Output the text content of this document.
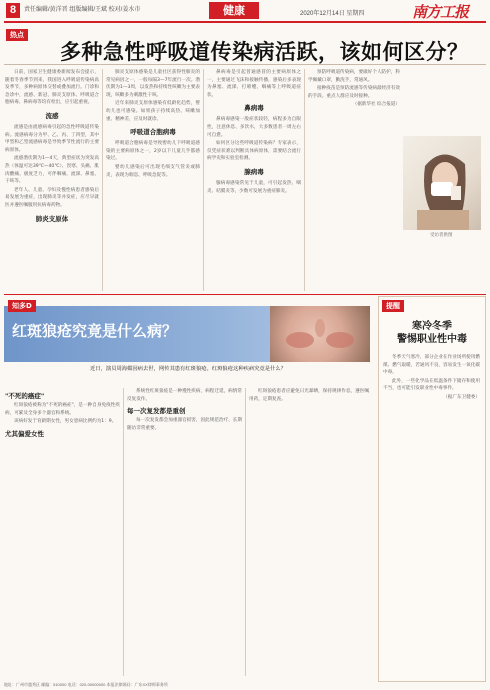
8	责任编辑/黄洋晋 组版编辑/王斌 校对/姜水市	健康	2020年12月14日 星期四	南方工报
热点
多种急性呼吸道传染病活跃，该如何区分？

日前，国家卫生健康委新闻发布会提示，随着冬春季节到来，我国进入呼吸道传染病高发季节，多种病原体交替或叠加流行。门诊和急诊中，流感、新冠、肺炎支原体、呼吸道合胞病毒、鼻病毒等均有检出，应引起重视。

流感

流感是由流感病毒引起的急性呼吸道传染病。流感病毒分为甲、乙、丙、丁四型，其中甲型和乙型流感病毒是导致季节性流行的主要病原体。

流感潜伏期为1—4天，典型症状为突发高热（体温可达39℃—40℃）、畏寒、头痛、肌肉酸痛、极度乏力，可伴咽痛、流涕、鼻塞、干咳等。

老年人、儿童、孕妇及慢性病患者感染后易发展为重症，出现肺炎等并发症，应尽早就医并遵医嘱服用抗病毒药物。

肺炎支原体

肺炎支原体感染是儿童社区获得性肺炎的常见病因之一，一般每隔3—7年流行一次。潜伏期为1—3周，以发热和持续性咳嗽为主要表现，咳嗽多为刺激性干咳。

近年来肺炎支原体感染有低龄化趋势，婴幼儿也可感染。如果孩子持续高热、咳嗽加重、精神差，应及时就诊。

呼吸道合胞病毒

呼吸道合胞病毒是导致婴幼儿下呼吸道感染的主要病原体之一，2岁以下儿童几乎都感染过。

婴幼儿感染后可出现毛细支气管炎或肺炎，表现为喘息、呼吸急促等。

鼻病毒是引起普通感冒的主要病原体之一，主要通过飞沫和接触传播，感染后多表现为鼻塞、流涕、打喷嚏、咽痛等上呼吸道症状。

鼻病毒

鼻病毒感染一般症状较轻，病程多为自限性，注意休息、多饮水，大多数患者一周左右可自愈。

如何区分这些呼吸道传染病？专家表示，仅凭症状难以判断具体病原体，需要结合流行病学史和实验室检测。

腺病毒

腺病毒感染常见于儿童，可引起发热、咽炎、结膜炎等，少数可发展为重症肺炎。

预防呼吸道传染病，要做好个人防护，科学佩戴口罩，勤洗手，常通风。

接种疫苗是预防流感等传染病最经济有效的手段。重点人群应及时接种。

（据新华社 综合报道）

受访者供图
知多D
红斑狼疮究竟是什么病？
近日，演员周海媚因病去世，网传其患有红斑狼疮。红斑狼疮这种疾病究竟是什么？
"不死的癌症"

红斑狼疮被称为"不死的癌症"，是一种自身免疫性疾病，可累及全身多个器官和系统。

该病好发于育龄期女性，男女患病比例约为1：9。

尤其偏爱女性

系统性红斑狼疮是一种慢性疾病，病程迁延，病情常反复发作。

每一次复发都是重创

每一次复发都会加重器官损害，因此规范治疗、长期随访非常重要。

红斑狼疮患者应避免日光暴晒，保持规律作息，遵医嘱用药，定期复查。

提醒
寒冷冬季
警惕职业性中毒

冬季天气寒冷，部分企业在作业场所使用燃煤、燃气取暖，若通风不良，容易发生一氧化碳中毒。

此外，一些化学品在低温条件下储存和使用不当，也可能引发职业性中毒事件。

（据广东卫健委）

地址：广州市越秀区 邮编：510000 电话：020-00000000 本报法律顾问：广东XX律师事务所
